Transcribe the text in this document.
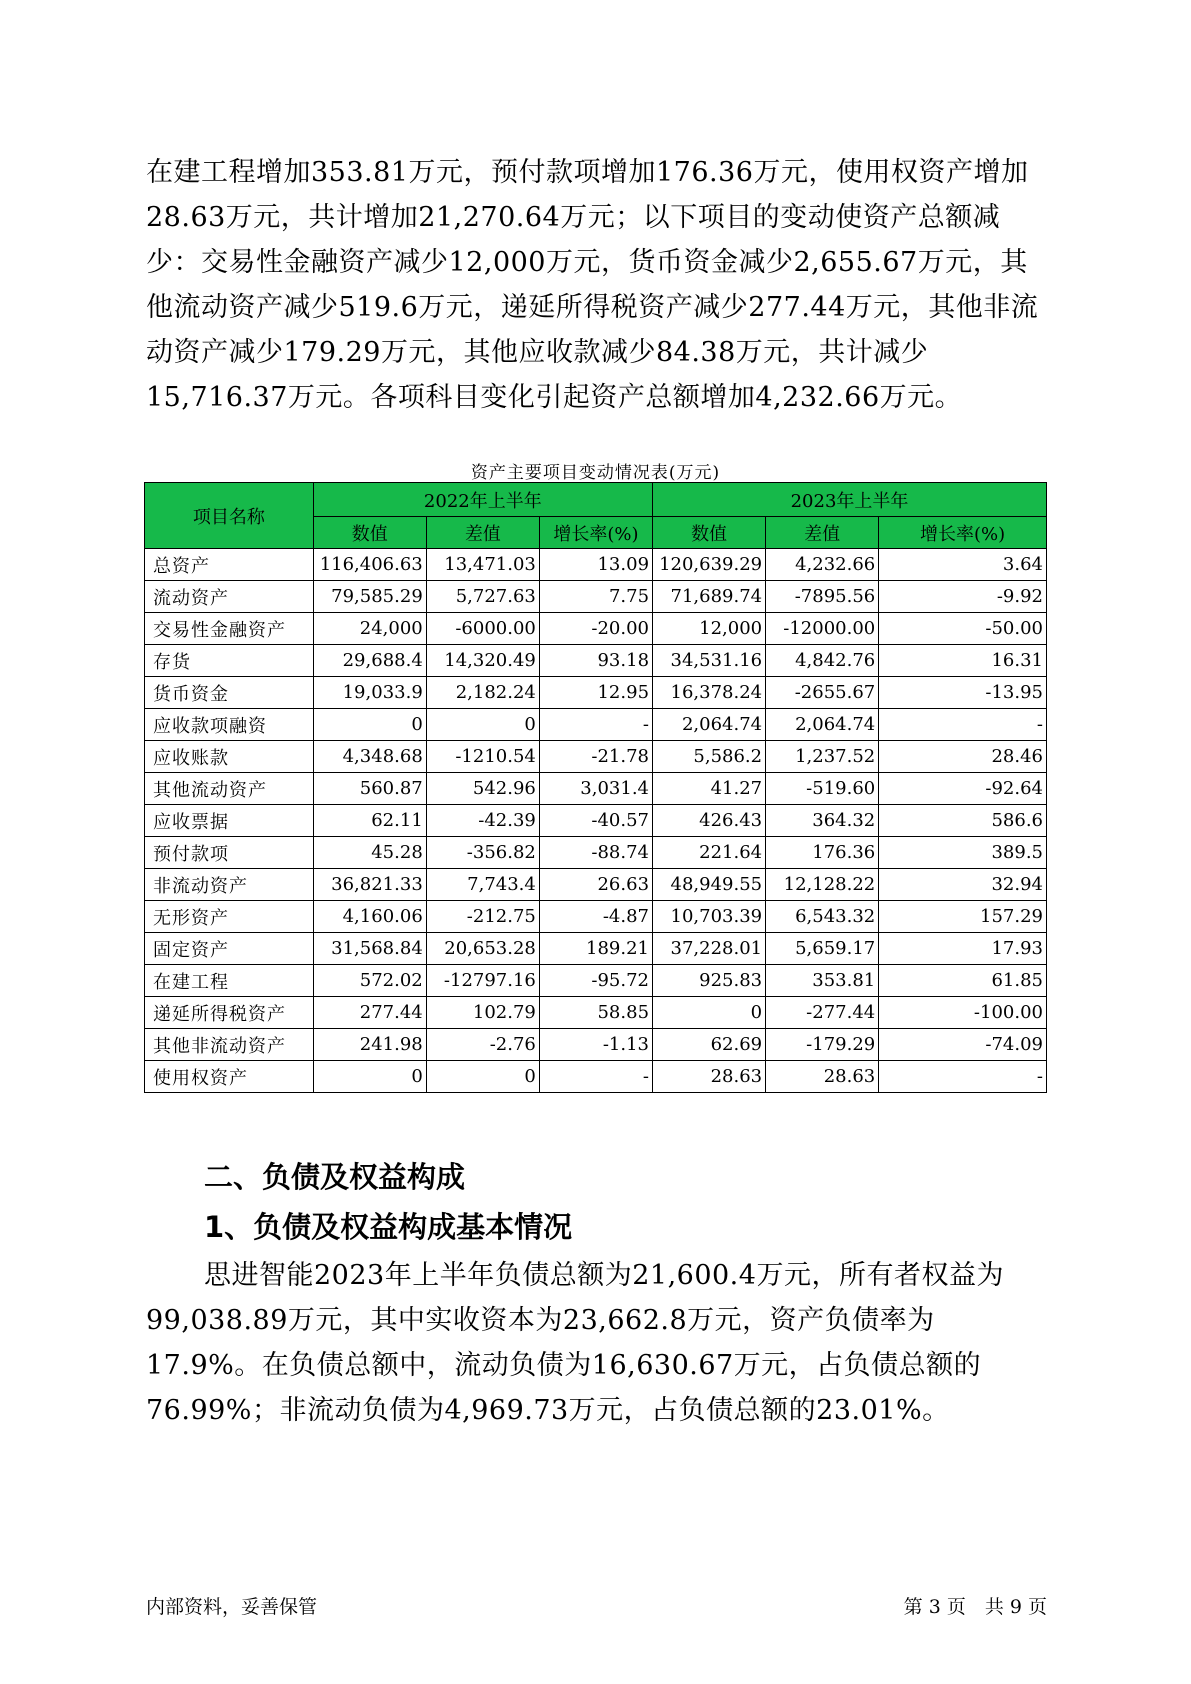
在建工程增加353.81万元，预付款项增加176.36万元，使用权资产增加28.63万元，共计增加21,270.64万元；以下项目的变动使资产总额减少：交易性金融资产减少12,000万元，货币资金减少2,655.67万元，其他流动资产减少519.6万元，递延所得税资产减少277.44万元，其他非流动资产减少179.29万元，其他应收款减少84.38万元，共计减少15,716.37万元。各项科目变化引起资产总额增加4,232.66万元。

资产主要项目变动情况表(万元)
项目名称	2022年上半年			2023年上半年		
	数值	差值	增长率(%)	数值	差值	增长率(%)
总资产	116,406.63	13,471.03	13.09	120,639.29	4,232.66	3.64
流动资产	79,585.29	5,727.63	7.75	71,689.74	-7895.56	-9.92
交易性金融资产	24,000	-6000.00	-20.00	12,000	-12000.00	-50.00
存货	29,688.4	14,320.49	93.18	34,531.16	4,842.76	16.31
货币资金	19,033.9	2,182.24	12.95	16,378.24	-2655.67	-13.95
应收款项融资	0	0	-	2,064.74	2,064.74	-
应收账款	4,348.68	-1210.54	-21.78	5,586.2	1,237.52	28.46
其他流动资产	560.87	542.96	3,031.4	41.27	-519.60	-92.64
应收票据	62.11	-42.39	-40.57	426.43	364.32	586.6
预付款项	45.28	-356.82	-88.74	221.64	176.36	389.5
非流动资产	36,821.33	7,743.4	26.63	48,949.55	12,128.22	32.94
无形资产	4,160.06	-212.75	-4.87	10,703.39	6,543.32	157.29
固定资产	31,568.84	20,653.28	189.21	37,228.01	5,659.17	17.93
在建工程	572.02	-12797.16	-95.72	925.83	353.81	61.85
递延所得税资产	277.44	102.79	58.85	0	-277.44	-100.00
其他非流动资产	241.98	-2.76	-1.13	62.69	-179.29	-74.09
使用权资产	0	0	-	28.63	28.63	-
二、负债及权益构成
1、负债及权益构成基本情况

思进智能2023年上半年负债总额为21,600.4万元，所有者权益为99,038.89万元，其中实收资本为23,662.8万元，资产负债率为17.9%。在负债总额中，流动负债为16,630.67万元，占负债总额的76.99%；非流动负债为4,969.73万元，占负债总额的23.01%。

内部资料，妥善保管	第 3 页　共 9 页
